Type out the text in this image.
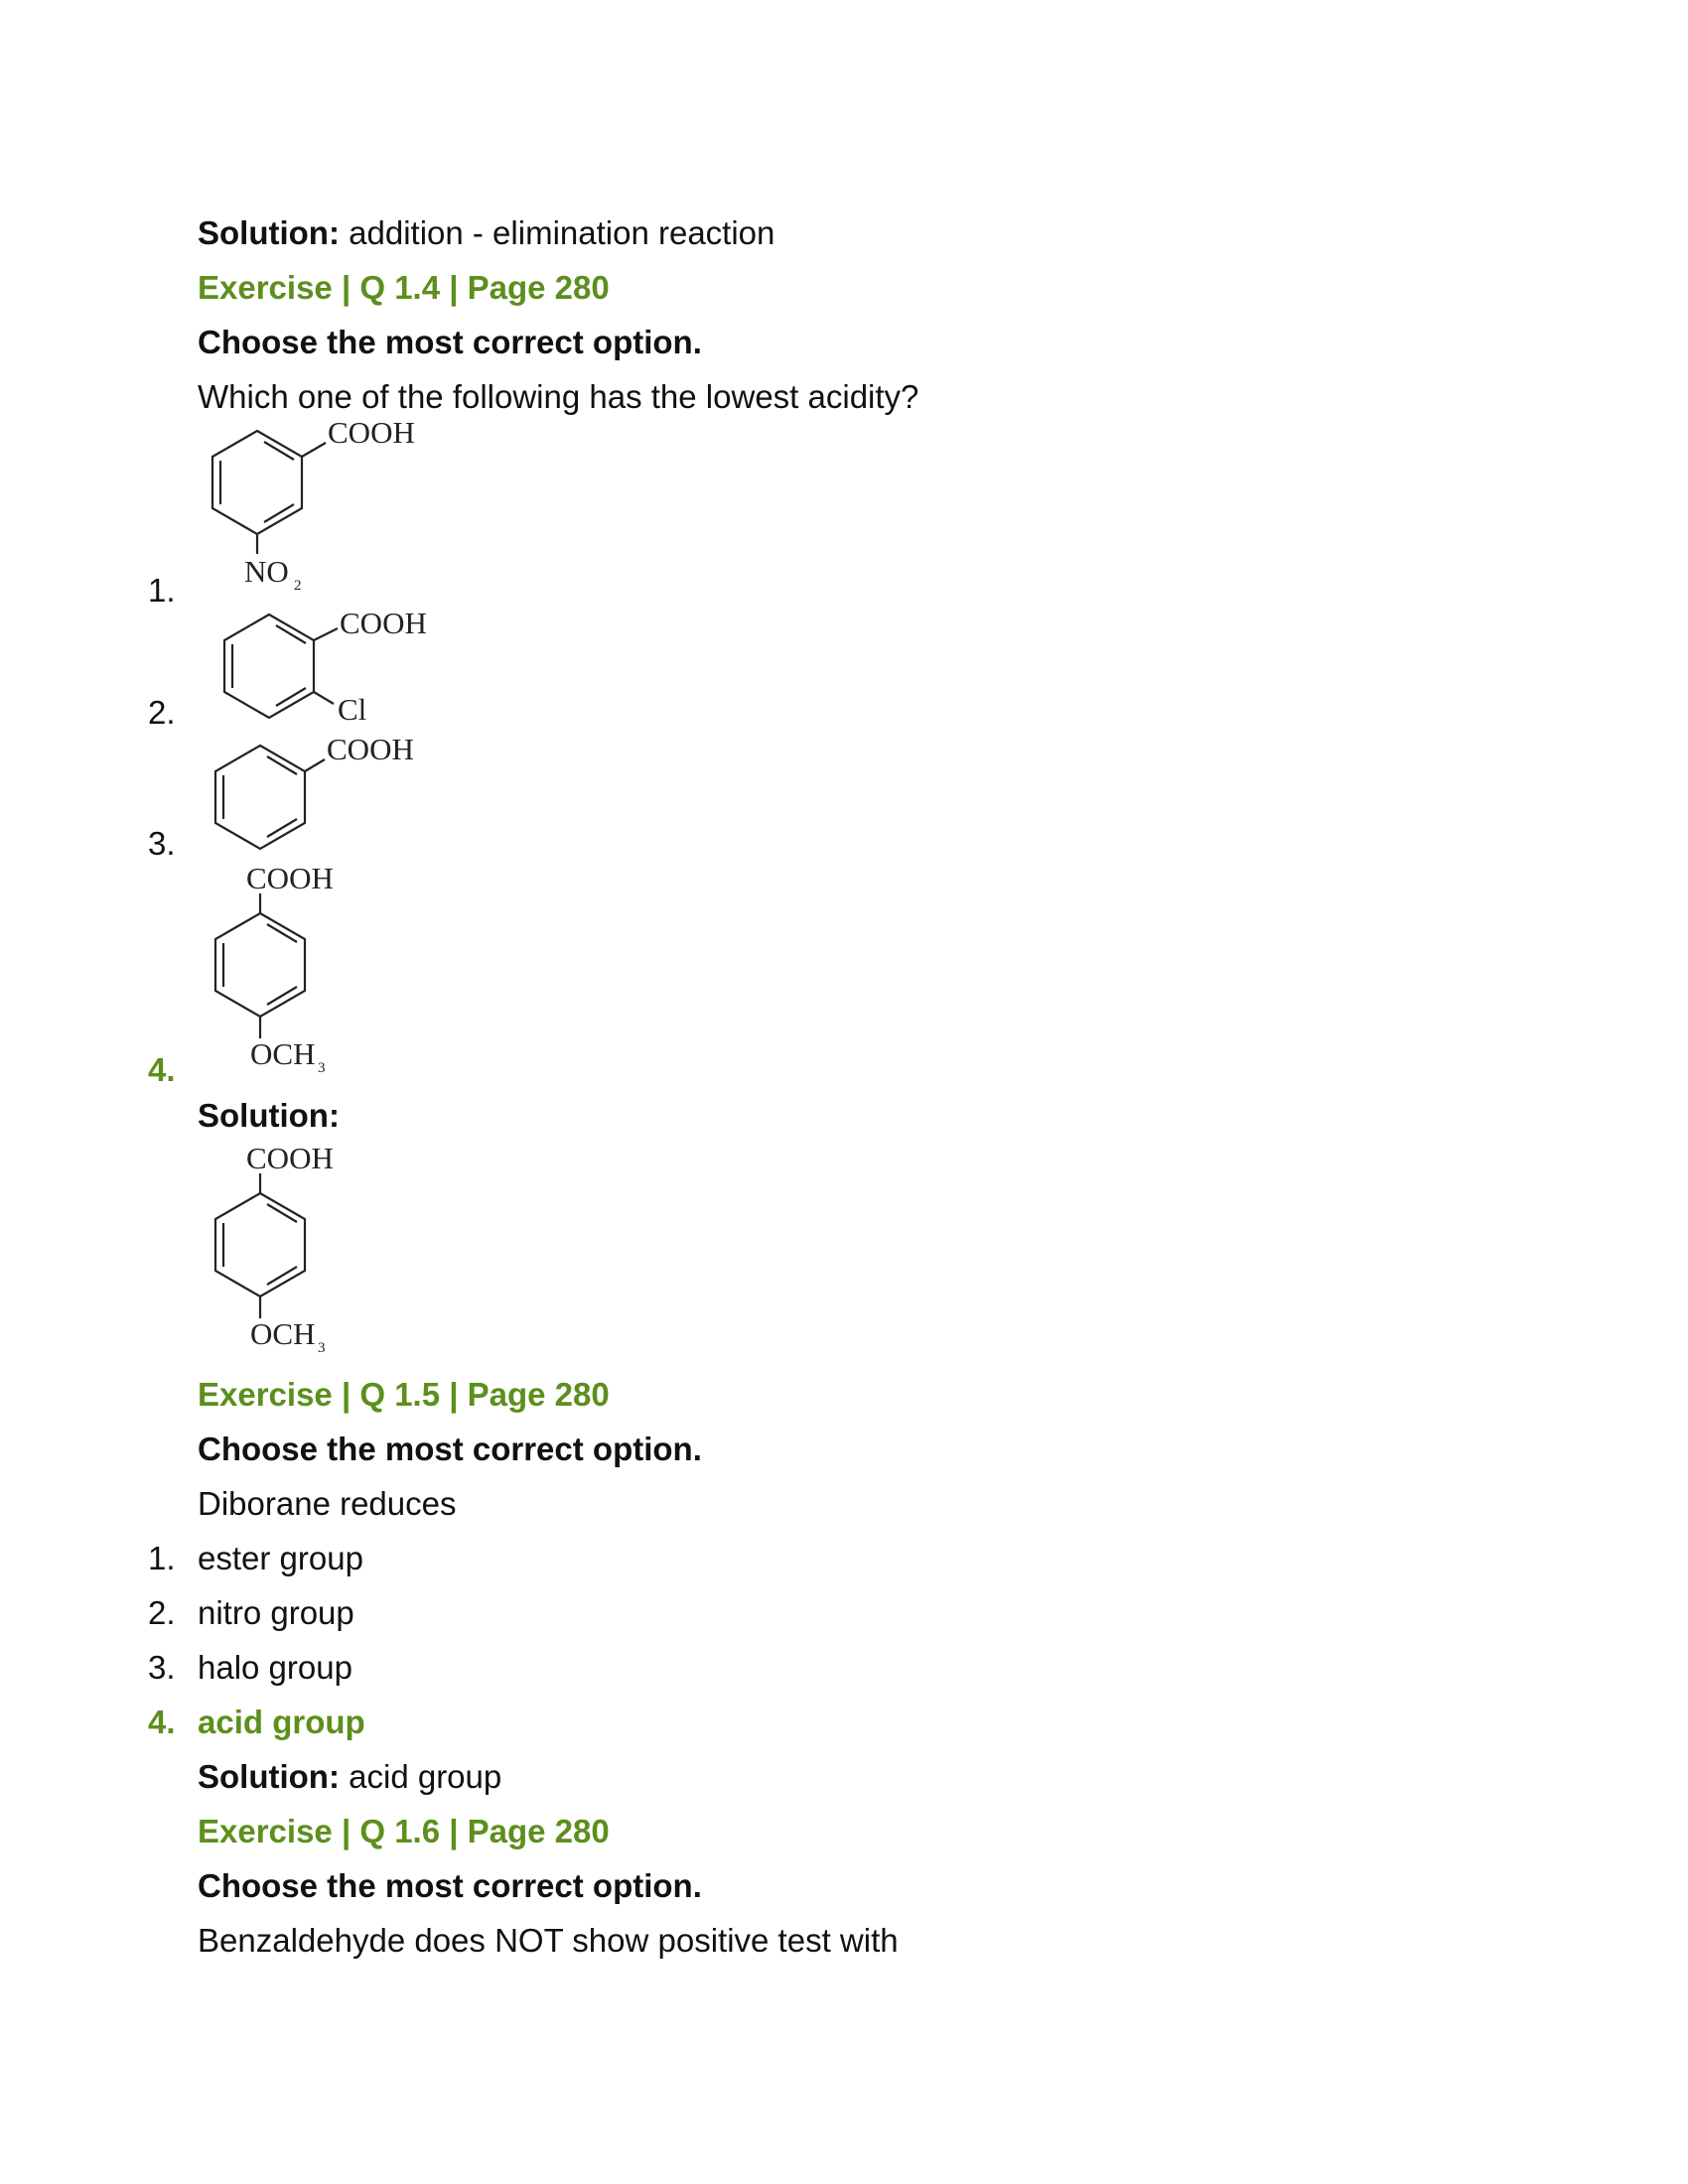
Solution: addition - elimination reaction
Exercise | Q 1.4 | Page 280
Choose the most correct option.
Which one of the following has the lowest acidity?
1.
COOH
NO 2
2.
COOH
Cl
3.
COOH
4.
COOH
OCH 3
Solution:
COOH
OCH 3
Exercise | Q 1.5 | Page 280
Choose the most correct option.
Diborane reduces
1. ester group
2. nitro group
3. halo group
4. acid group
Solution: acid group
Exercise | Q 1.6 | Page 280
Choose the most correct option.
Benzaldehyde does NOT show positive test with
